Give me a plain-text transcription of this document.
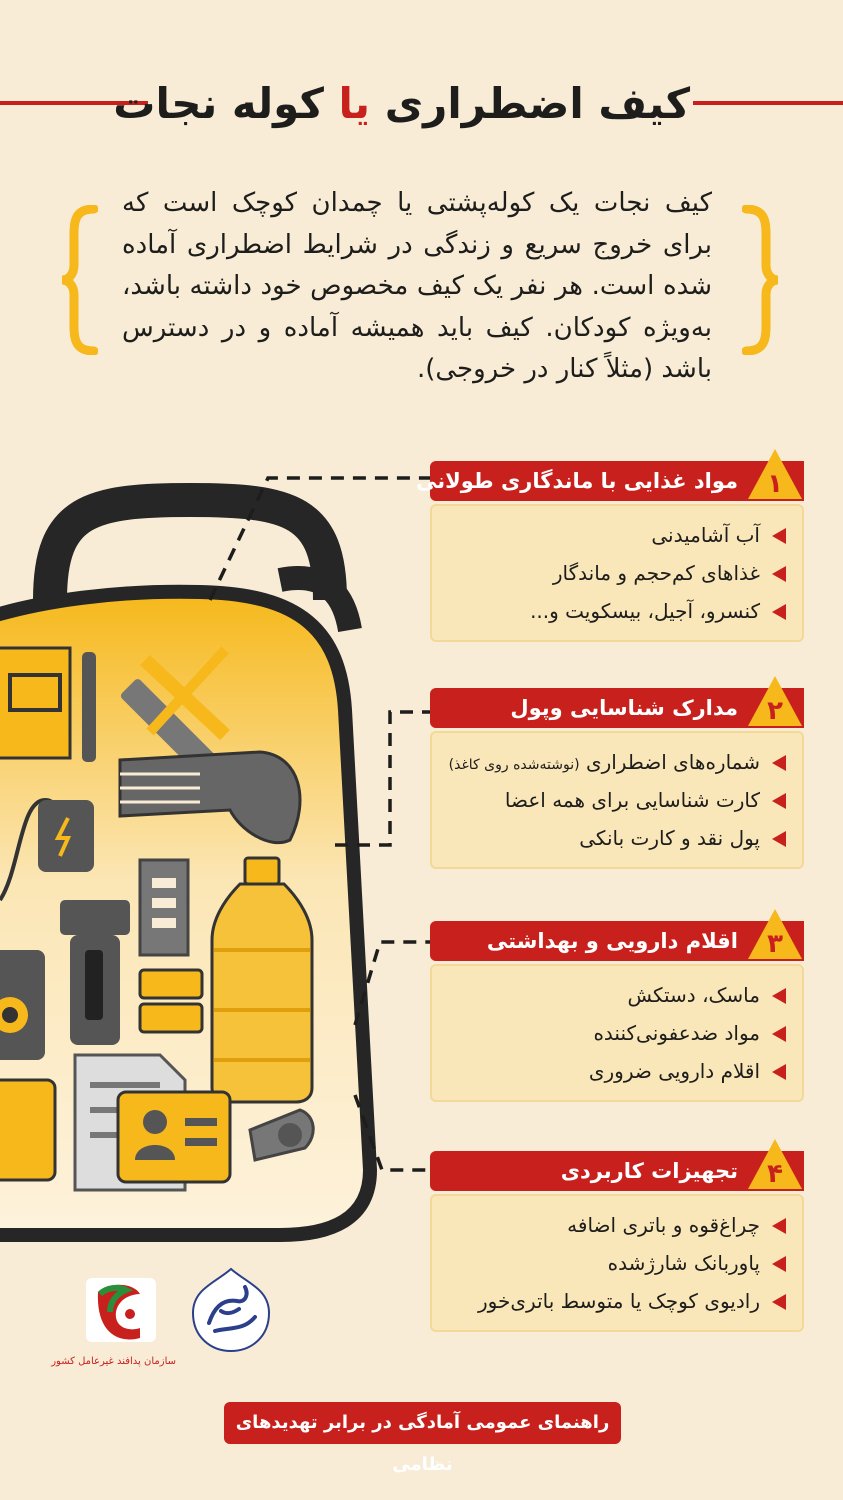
کیف اضطراری یا کوله نجات
کیف نجات یک کوله‌پشتی یا چمدان کوچک است که برای خروج سریع و زندگی در شرایط اضطراری آماده شده است. هر نفر یک کیف مخصوص خود داشته باشد، به‌ویژه کودکان. کیف باید همیشه آماده و در دسترس باشد (مثلاً کنار در خروجی).
۱
مواد غذایی با ماندگاری طولانی
آب آشامیدنی
غذاهای کم‌حجم و ماندگار
کنسرو، آجیل، بیسکویت و...
۲
مدارک شناسایی وپول
شماره‌های اضطراری (نوشته‌شده روی کاغذ)
کارت شناسایی برای همه اعضا
پول نقد و کارت بانکی
۳
اقلام دارویی و بهداشتی
ماسک، دستکش
مواد ضدعفونی‌کننده
اقلام دارویی ضروری
۴
تجهیزات کاربردی
چراغ‌قوه و باتری اضافه
پاوربانک شارژشده
رادیوی کوچک یا متوسط باتری‌خور
سازمان پدافند غیرعامل کشور
راهنمای عمومی آمادگی در برابر تهدیدهای نظامی
